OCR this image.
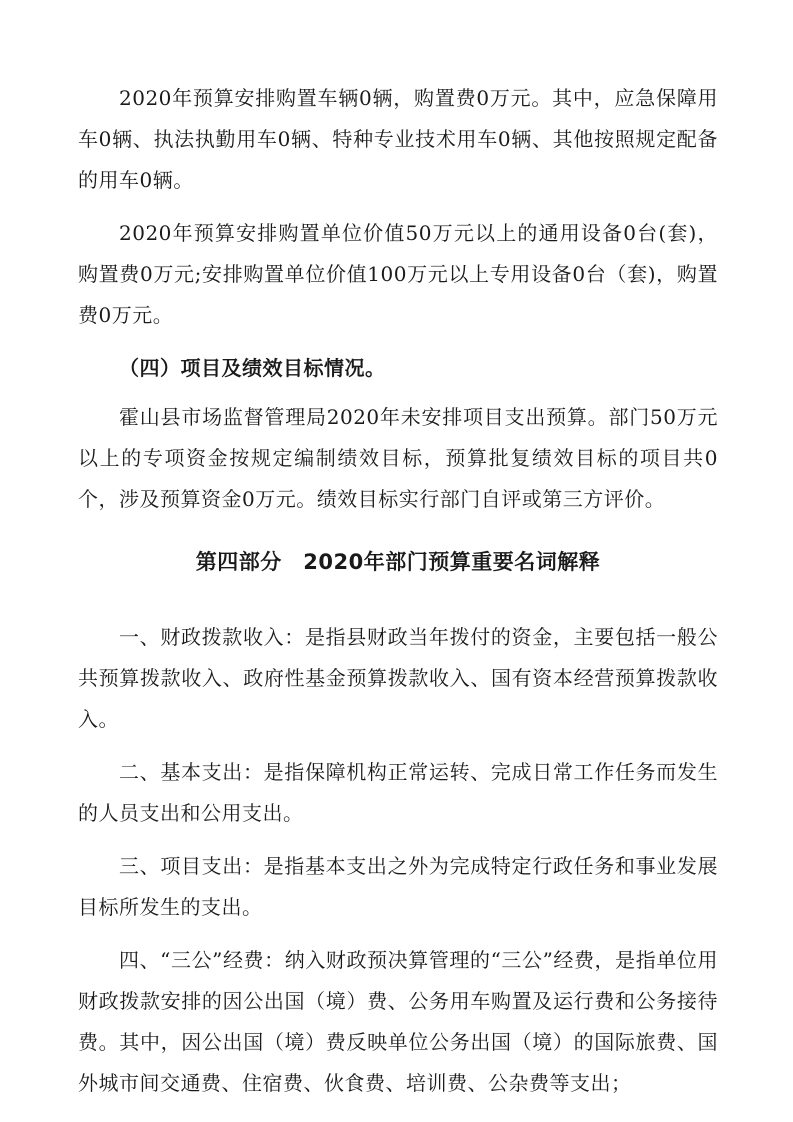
2020年预算安排购置车辆0辆，购置费0万元。其中，应急保障用车0辆、执法执勤用车0辆、特种专业技术用车0辆、其他按照规定配备的用车0辆。

2020年预算安排购置单位价值50万元以上的通用设备0台(套)，购置费0万元;安排购置单位价值100万元以上专用设备0台（套)，购置费0万元。

（四）项目及绩效目标情况。

霍山县市场监督管理局2020年未安排项目支出预算。部门50万元以上的专项资金按规定编制绩效目标，预算批复绩效目标的项目共0个，涉及预算资金0万元。绩效目标实行部门自评或第三方评价。

第四部分　2020年部门预算重要名词解释

一、财政拨款收入：是指县财政当年拨付的资金，主要包括一般公共预算拨款收入、政府性基金预算拨款收入、国有资本经营预算拨款收入。

二、基本支出：是指保障机构正常运转、完成日常工作任务而发生的人员支出和公用支出。

三、项目支出：是指基本支出之外为完成特定行政任务和事业发展目标所发生的支出。

四、“三公”经费：纳入财政预决算管理的“三公”经费，是指单位用财政拨款安排的因公出国（境）费、公务用车购置及运行费和公务接待费。其中，因公出国（境）费反映单位公务出国（境）的国际旅费、国外城市间交通费、住宿费、伙食费、培训费、公杂费等支出；
